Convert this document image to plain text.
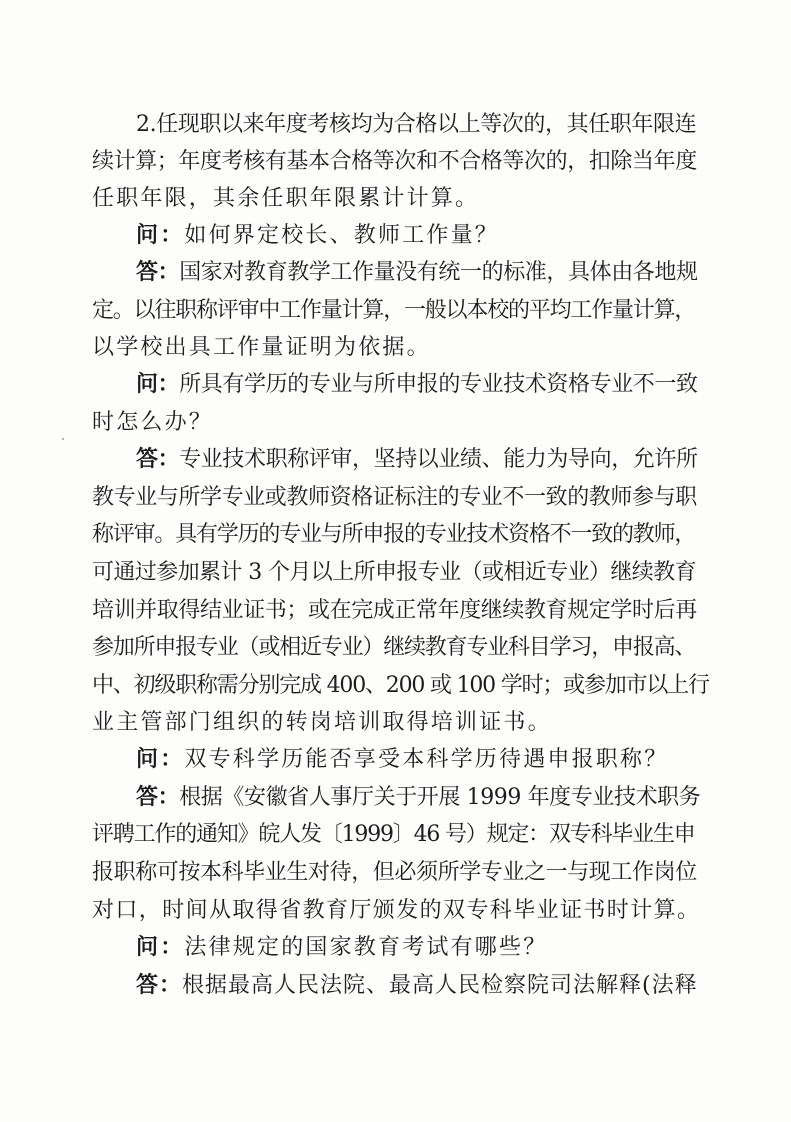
2.任现职以来年度考核均为合格以上等次的，其任职年限连
续计算；年度考核有基本合格等次和不合格等次的，扣除当年度
任职年限，其余任职年限累计计算。
问：如何界定校长、教师工作量？
答：国家对教育教学工作量没有统一的标准，具体由各地规
定。以往职称评审中工作量计算，一般以本校的平均工作量计算，
以学校出具工作量证明为依据。
问：所具有学历的专业与所申报的专业技术资格专业不一致
时怎么办？
答：专业技术职称评审，坚持以业绩、能力为导向，允许所
教专业与所学专业或教师资格证标注的专业不一致的教师参与职
称评审。具有学历的专业与所申报的专业技术资格不一致的教师，
可通过参加累计 3 个月以上所申报专业（或相近专业）继续教育
培训并取得结业证书；或在完成正常年度继续教育规定学时后再
参加所申报专业（或相近专业）继续教育专业科目学习，申报高、
中、初级职称需分别完成 400、200 或 100 学时；或参加市以上行
业主管部门组织的转岗培训取得培训证书。
问：双专科学历能否享受本科学历待遇申报职称？
答：根据《安徽省人事厅关于开展 1999 年度专业技术职务
评聘工作的通知》皖人发〔1999〕46 号）规定：双专科毕业生申
报职称可按本科毕业生对待，但必须所学专业之一与现工作岗位
对口，时间从取得省教育厅颁发的双专科毕业证书时计算。
问：法律规定的国家教育考试有哪些？
答：根据最高人民法院、最高人民检察院司法解释(法释
